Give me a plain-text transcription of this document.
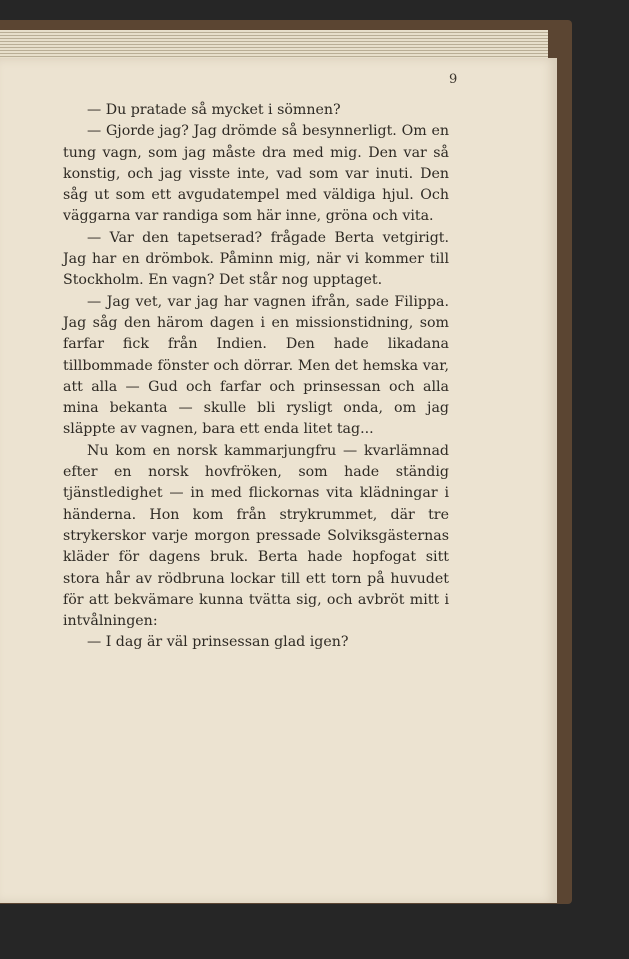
9

— Du pratade så mycket i sömnen?

— Gjorde jag? Jag drömde så besynnerligt. Om en tung vagn, som jag måste dra med mig. Den var så konstig, och jag visste inte, vad som var inuti. Den såg ut som ett avgudatempel med väldiga hjul. Och väggarna var randiga som här inne, gröna och vita.

— Var den tapetserad? frågade Berta vetgirigt. Jag har en drömbok. Påminn mig, när vi kommer till Stockholm. En vagn? Det står nog upptaget.

— Jag vet, var jag har vagnen ifrån, sade Filippa. Jag såg den härom dagen i en missionstidning, som farfar fick från Indien. Den hade likadana tillbommade fönster och dörrar. Men det hemska var, att alla — Gud och farfar och prinsessan och alla mina bekanta — skulle bli rysligt onda, om jag släppte av vagnen, bara ett enda litet tag...

Nu kom en norsk kammarjungfru — kvarlämnad efter en norsk hovfröken, som hade ständig tjänstledighet — in med flickornas vita klädningar i händerna. Hon kom från strykrummet, där tre strykerskor varje morgon pressade Solviksgästernas kläder för dagens bruk. Berta hade hopfogat sitt stora hår av rödbruna lockar till ett torn på huvudet för att bekvämare kunna tvätta sig, och avbröt mitt i intvålningen:

— I dag är väl prinsessan glad igen?
